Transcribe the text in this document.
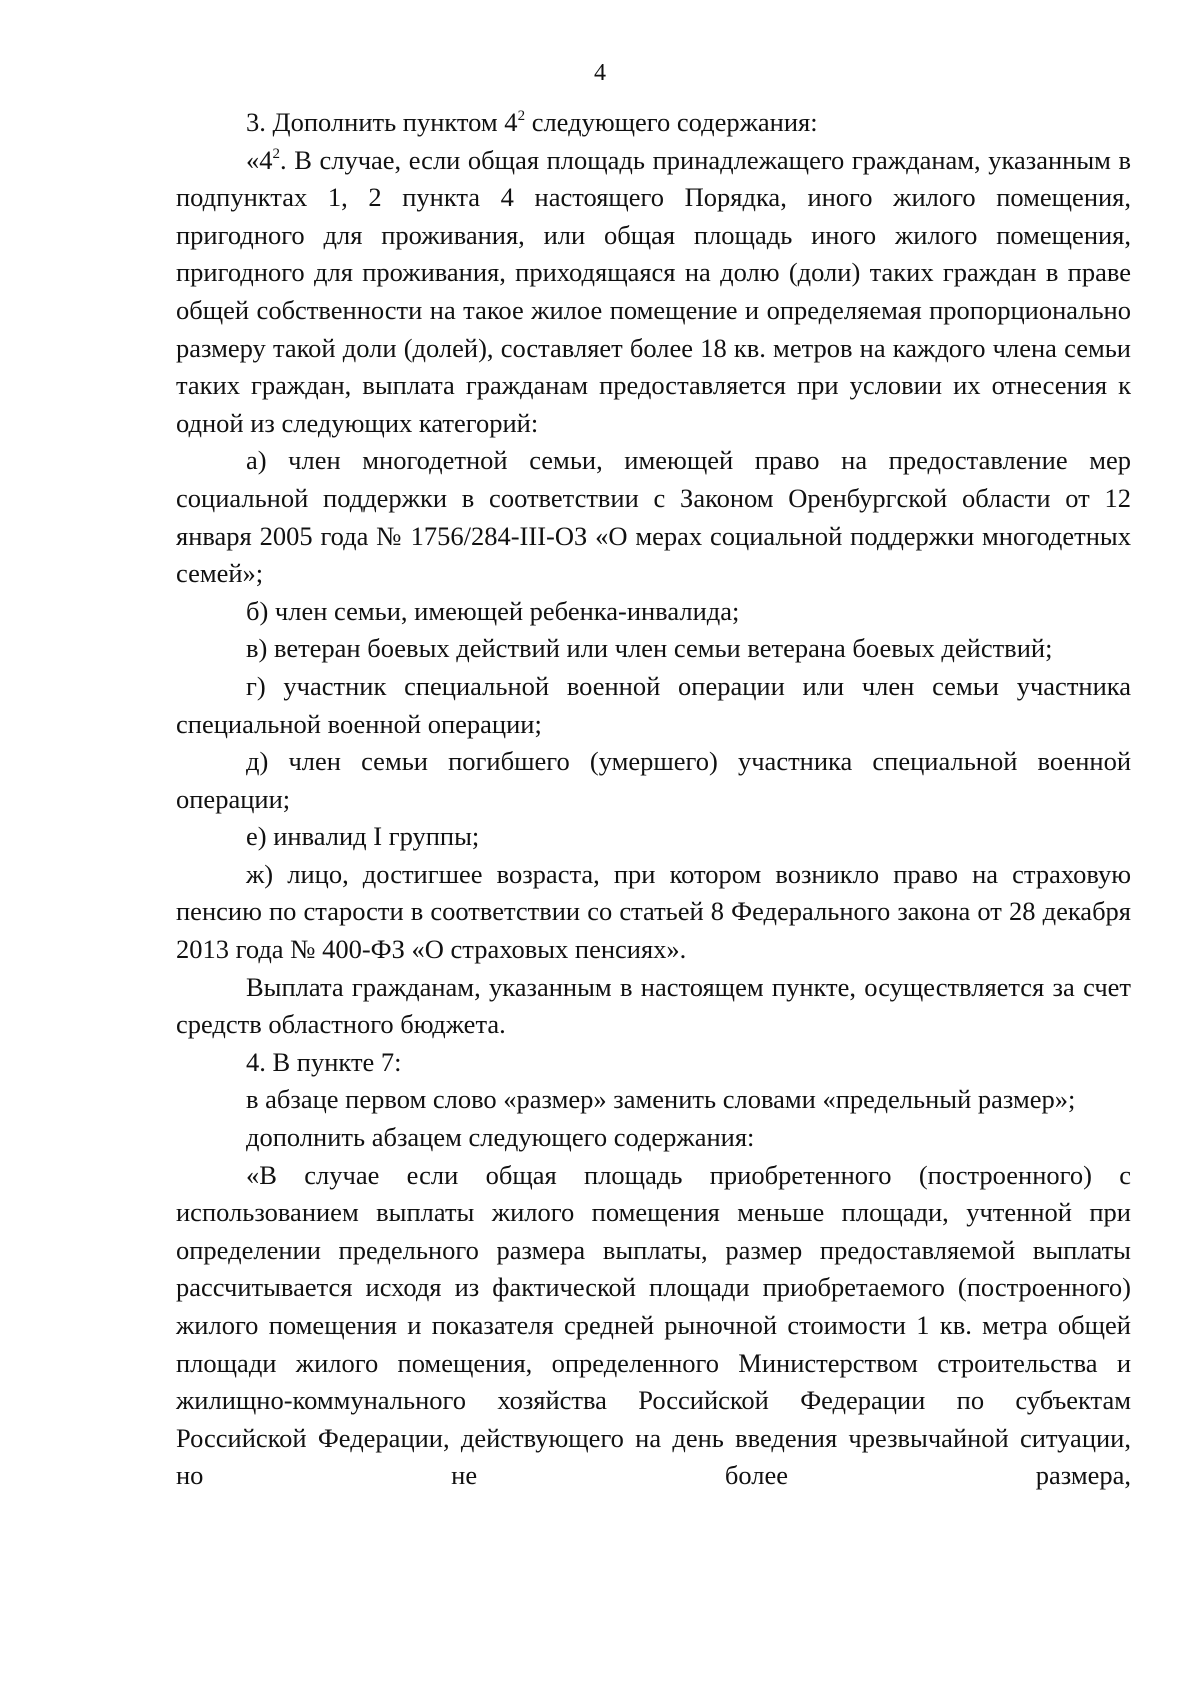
4

3. Дополнить пунктом $4^2$ следующего содержания:

«$4^2$. В случае, если общая площадь принадлежащего гражданам, указанным в подпунктах 1, 2 пункта 4 настоящего Порядка, иного жилого помещения, пригодного для проживания, или общая площадь иного жилого помещения, пригодного для проживания, приходящаяся на долю (доли) таких граждан в праве общей собственности на такое жилое помещение и определяемая пропорционально размеру такой доли (долей), составляет более 18 кв. метров на каждого члена семьи таких граждан, выплата гражданам предоставляется при условии их отнесения к одной из следующих категорий:

а) член многодетной семьи, имеющей право на предоставление мер социальной поддержки в соответствии с Законом Оренбургской области от 12 января 2005 года № 1756/284-III-ОЗ «О мерах социальной поддержки многодетных семей»;

б) член семьи, имеющей ребенка-инвалида;

в) ветеран боевых действий или член семьи ветерана боевых действий;

г) участник специальной военной операции или член семьи участника специальной военной операции;

д) член семьи погибшего (умершего) участника специальной военной операции;

е) инвалид I группы;

ж) лицо, достигшее возраста, при котором возникло право на страховую пенсию по старости в соответствии со статьей 8 Федерального закона от 28 декабря 2013 года № 400-ФЗ «О страховых пенсиях».

Выплата гражданам, указанным в настоящем пункте, осуществляется за счет средств областного бюджета.

4. В пункте 7:

в абзаце первом слово «размер» заменить словами «предельный размер»;

дополнить абзацем следующего содержания:

«В случае если общая площадь приобретенного (построенного) с использованием выплаты жилого помещения меньше площади, учтенной при определении предельного размера выплаты, размер предоставляемой выплаты рассчитывается исходя из фактической площади приобретаемого (построенного) жилого помещения и показателя средней рыночной стоимости 1 кв. метра общей площади жилого помещения, определенного Министерством строительства и жилищно-коммунального хозяйства Российской Федерации по субъектам Российской Федерации, действующего на день введения чрезвычайной ситуации, но не более размера,
